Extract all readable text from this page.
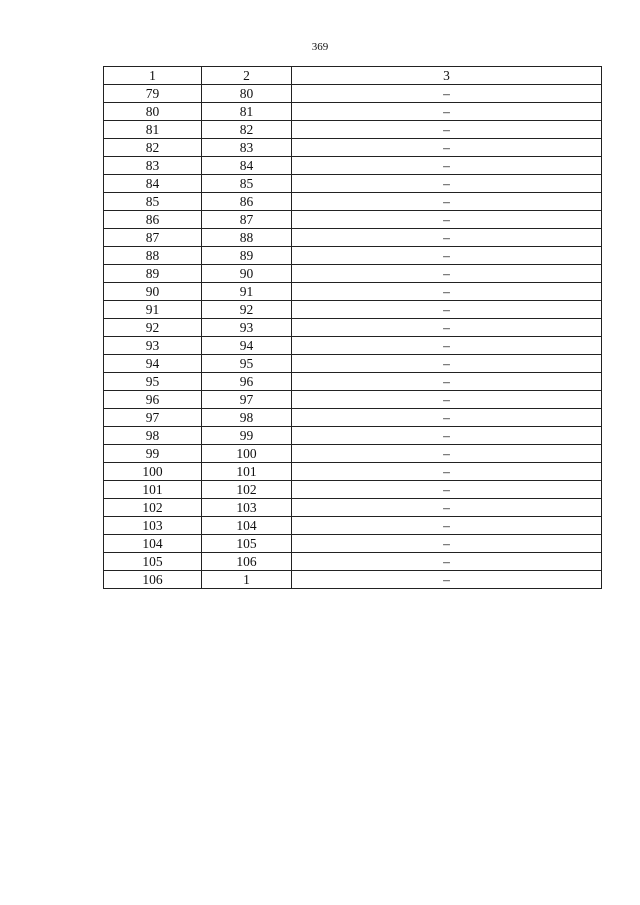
369
1	2	3
79	80	–
80	81	–
81	82	–
82	83	–
83	84	–
84	85	–
85	86	–
86	87	–
87	88	–
88	89	–
89	90	–
90	91	–
91	92	–
92	93	–
93	94	–
94	95	–
95	96	–
96	97	–
97	98	–
98	99	–
99	100	–
100	101	–
101	102	–
102	103	–
103	104	–
104	105	–
105	106	–
106	1	–
